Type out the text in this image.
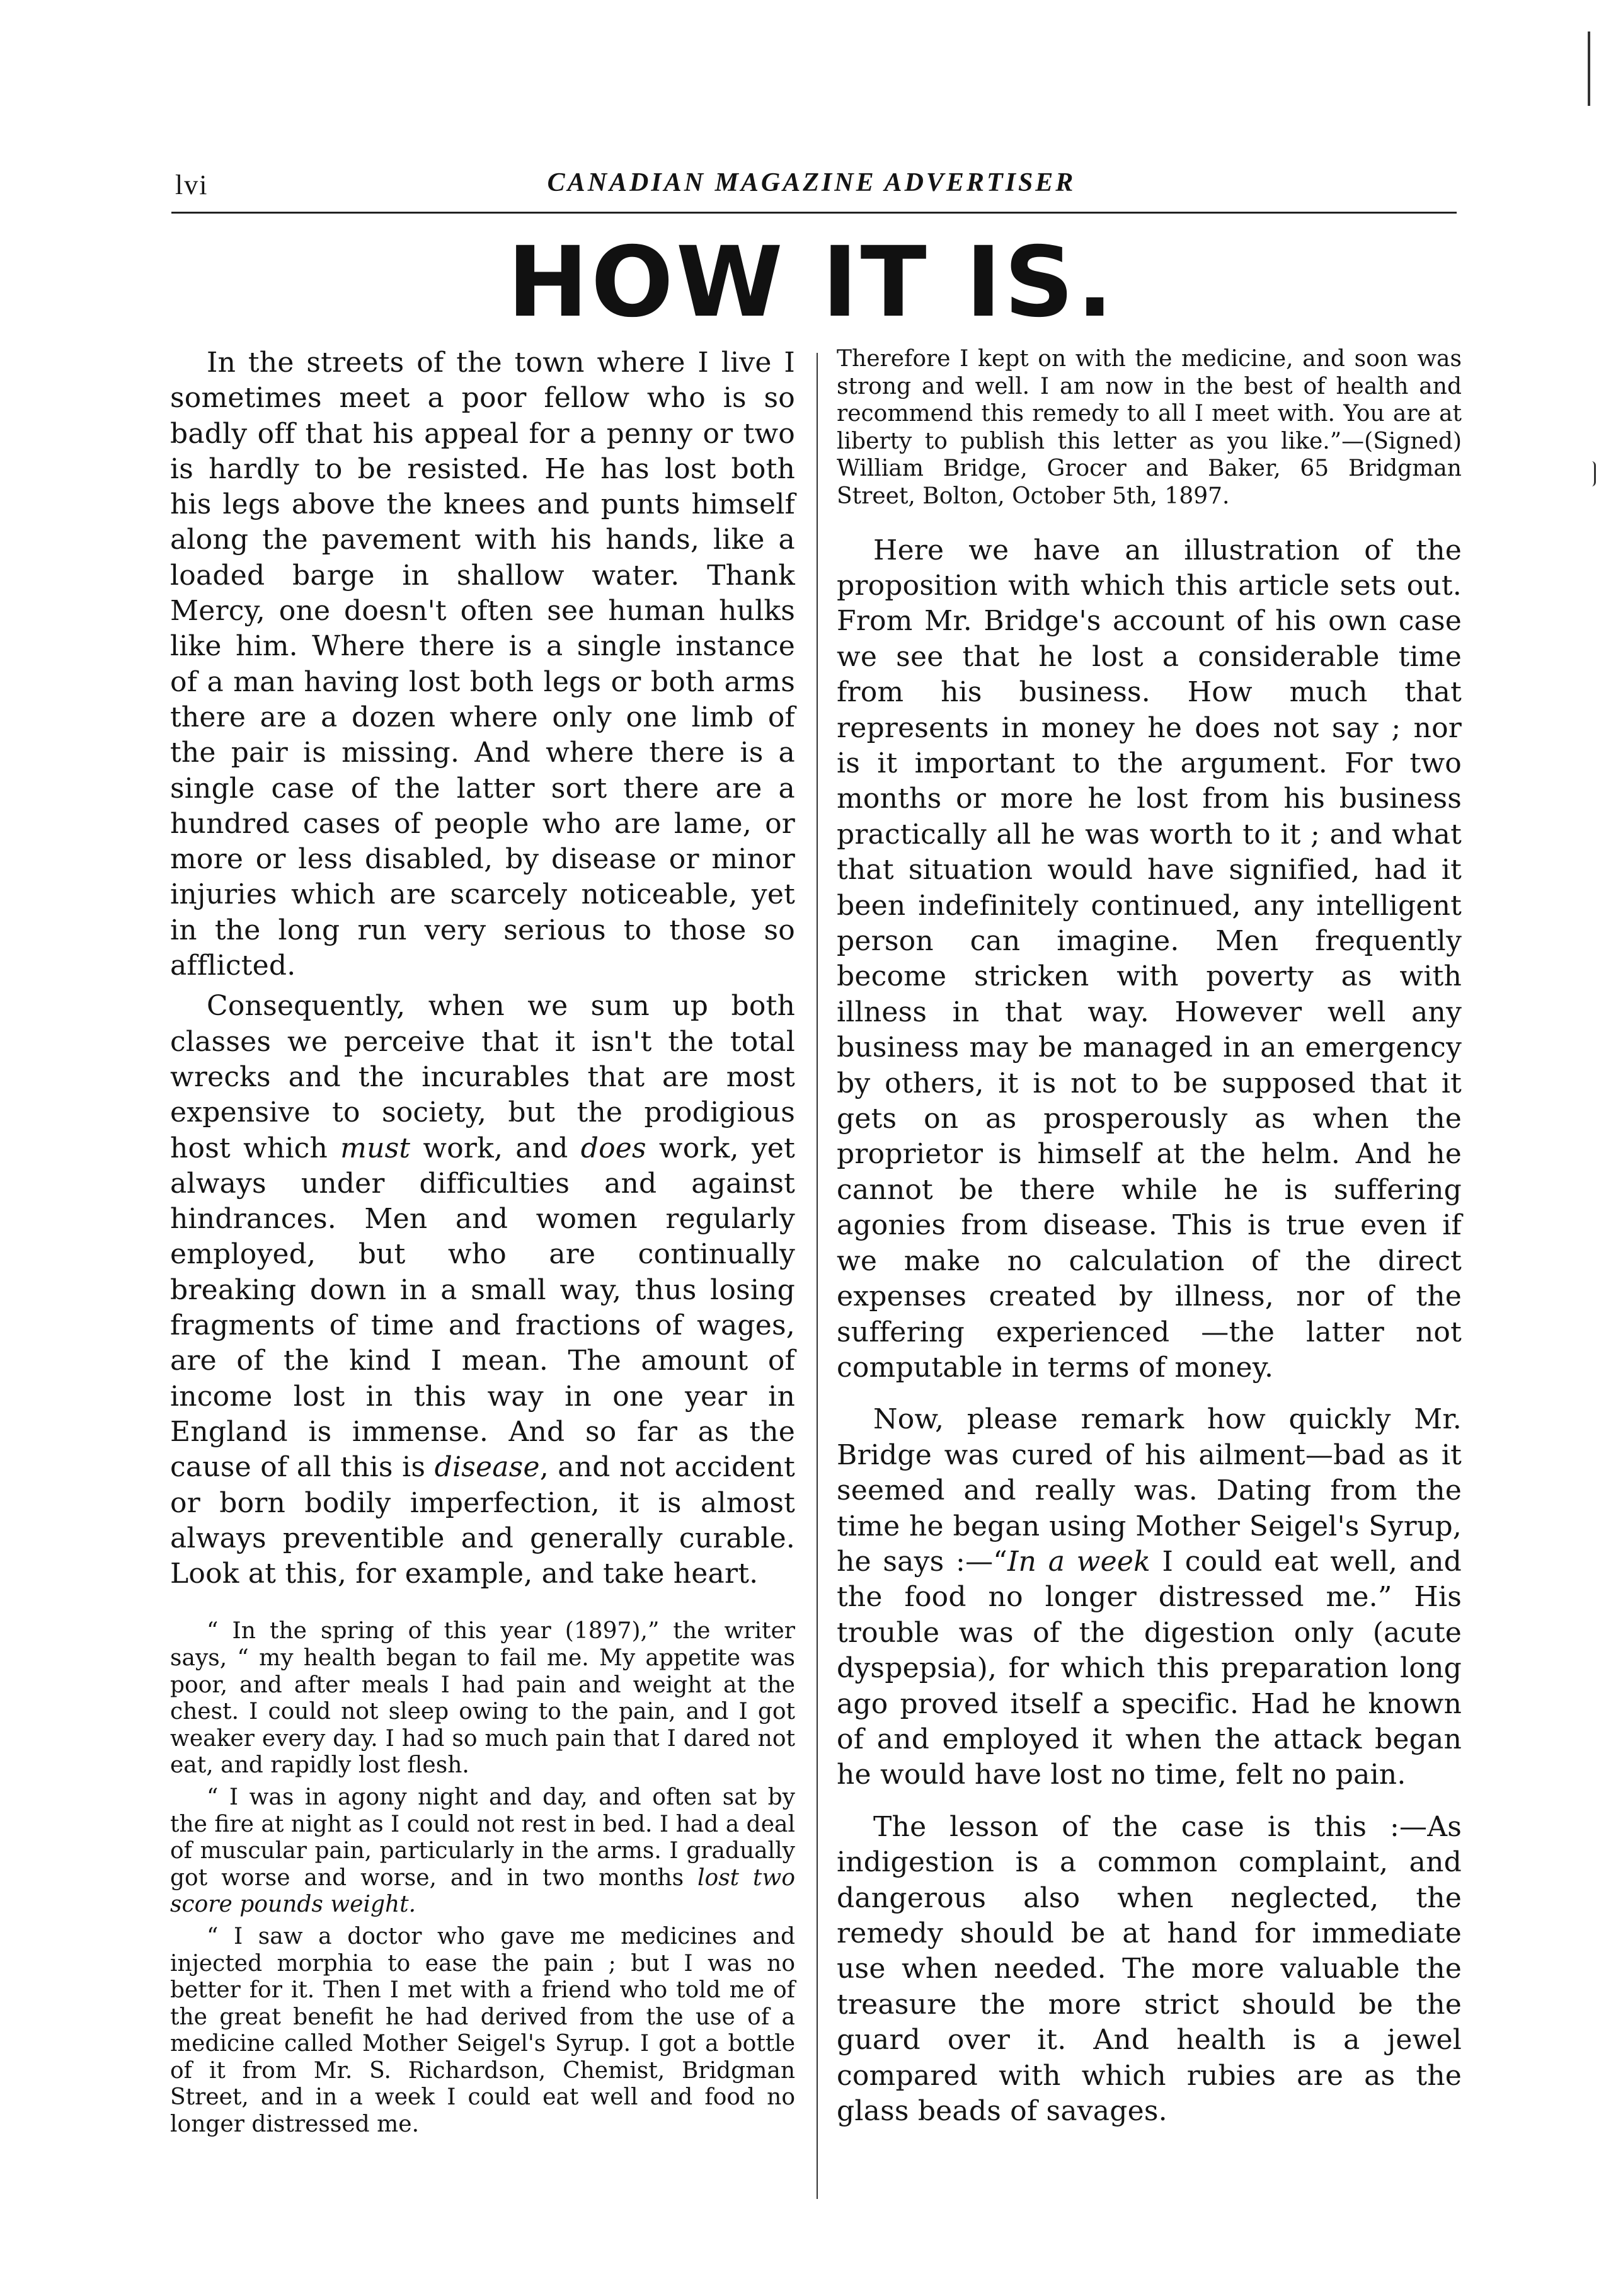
lvi	CANADIAN MAGAZINE ADVERTISER
HOW IT IS.

In the streets of the town where I live I sometimes meet a poor fellow who is so badly off that his appeal for a penny or two is hardly to be resisted. He has lost both his legs above the knees and punts himself along the pavement with his hands, like a loaded barge in shallow water. Thank Mercy, one doesn't often see human hulks like him. Where there is a single instance of a man having lost both legs or both arms there are a dozen where only one limb of the pair is missing. And where there is a single case of the latter sort there are a hundred cases of people who are lame, or more or less disabled, by disease or minor injuries which are scarcely noticeable, yet in the long run very serious to those so afflicted.

Consequently, when we sum up both classes we perceive that it isn't the total wrecks and the incurables that are most expensive to society, but the prodigious host which must work, and does work, yet always under difficulties and against hindrances. Men and women regularly employed, but who are continually breaking down in a small way, thus losing fragments of time and fractions of wages, are of the kind I mean. The amount of income lost in this way in one year in England is immense. And so far as the cause of all this is disease, and not accident or born bodily imperfection, it is almost always preventible and generally curable. Look at this, for example, and take heart.

“ In the spring of this year (1897),” the writer says, “ my health began to fail me. My appetite was poor, and after meals I had pain and weight at the chest. I could not sleep owing to the pain, and I got weaker every day. I had so much pain that I dared not eat, and rapidly lost flesh.

“ I was in agony night and day, and often sat by the fire at night as I could not rest in bed. I had a deal of muscular pain, particularly in the arms. I gradually got worse and worse, and in two months lost two score pounds weight.

“ I saw a doctor who gave me medicines and injected morphia to ease the pain ; but I was no better for it. Then I met with a friend who told me of the great benefit he had derived from the use of a medicine called Mother Seigel's Syrup. I got a bottle of it from Mr. S. Richardson, Chemist, Bridgman Street, and in a week I could eat well and food no longer distressed me.

Therefore I kept on with the medicine, and soon was strong and well. I am now in the best of health and recommend this remedy to all I meet with. You are at liberty to publish this letter as you like.”—(Signed) William Bridge, Grocer and Baker, 65 Bridgman Street, Bolton, October 5th, 1897.

Here we have an illustration of the proposition with which this article sets out. From Mr. Bridge's account of his own case we see that he lost a considerable time from his business. How much that represents in money he does not say ; nor is it important to the argument. For two months or more he lost from his business practically all he was worth to it ; and what that situation would have signified, had it been indefinitely continued, any intelligent person can imagine. Men frequently become stricken with poverty as with illness in that way. However well any business may be managed in an emergency by others, it is not to be supposed that it gets on as prosperously as when the proprietor is himself at the helm. And he cannot be there while he is suffering agonies from disease. This is true even if we make no calculation of the direct expenses created by illness, nor of the suffering experienced —the latter not computable in terms of money.

Now, please remark how quickly Mr. Bridge was cured of his ailment—bad as it seemed and really was. Dating from the time he began using Mother Seigel's Syrup, he says :—“In a week I could eat well, and the food no longer distressed me.” His trouble was of the digestion only (acute dyspepsia), for which this preparation long ago proved itself a specific. Had he known of and employed it when the attack began he would have lost no time, felt no pain.

The lesson of the case is this :—As indigestion is a common complaint, and dangerous also when neglected, the remedy should be at hand for immediate use when needed. The more valuable the treasure the more strict should be the guard over it. And health is a jewel compared with which rubies are as the glass beads of savages.
